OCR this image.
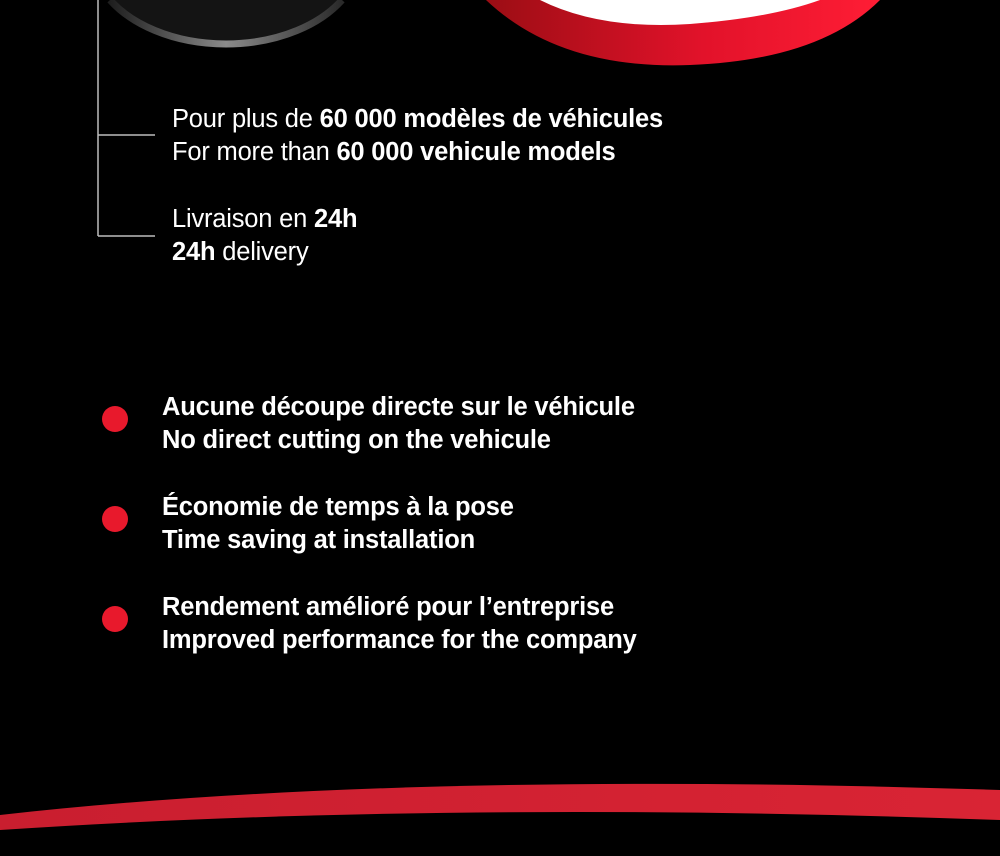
Pour plus de 60 000 modèles de véhicules
For more than 60 000 vehicule models
Livraison en 24h
24h delivery
Aucune découpe directe sur le véhicule
No direct cutting on the vehicule
Économie de temps à la pose
Time saving at installation
Rendement amélioré pour l’entreprise
Improved performance for the company
